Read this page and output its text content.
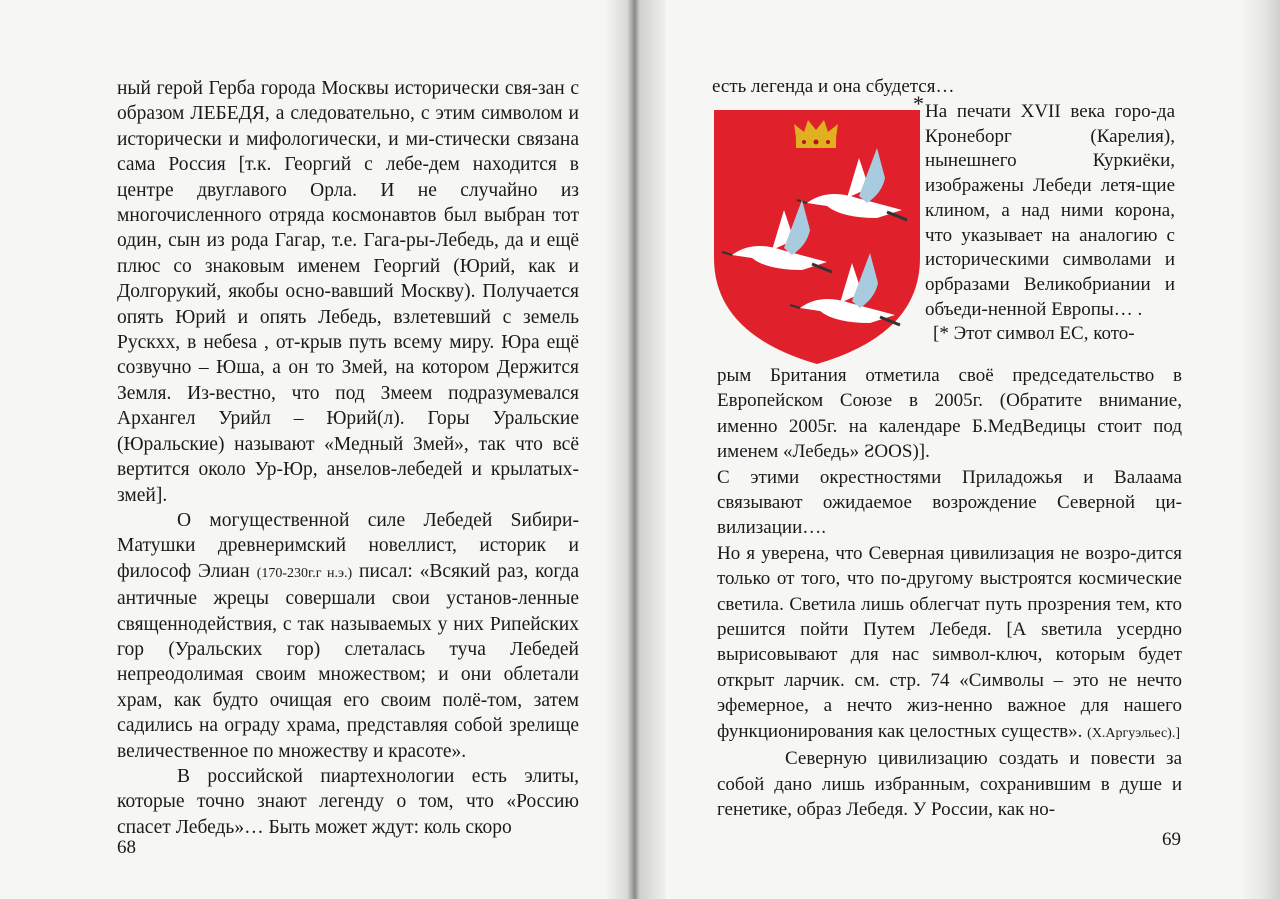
ный герой Герба города Москвы исторически свя-зан с образом ЛЕБЕДЯ, а следовательно, с этим символом и исторически и мифологически, и ми-стически связана сама Россия [т.к. Георгий с лебе-дем находится в центре двуглавого Орла. И не случайно из многочисленного отряда космонавтов был выбран тот один, сын из рода Гагар, т.е. Гага-ры-Лебедь, да и ещё плюс со знаковым именем Георгий (Юрий, как и Долгорукий, якобы осно-вавший Москву). Получается опять Юрий и опять Лебедь, взлетевший с земель Рускхх, в небеsа , от-крыв путь всему миру. Юра ещё созвучно – Юша, а он то Змей, на котором Держится Земля. Из-вестно, что под Змеем подразумевался Архангел Урийл – Юрий(л). Горы Уральские (Юральские) называют «Медный Змей», так что всё вертится около Ур-Юр, анѕелов-лебедей и крылатых-змей].

О могущественной силе Лебедей Ѕибири-Матушки древнеримский новеллист, историк и философ Элиан (170-230г.г н.э.) писал: «Всякий раз, когда античные жрецы совершали свои установ-ленные священнодействия, с так называемых у них Рипейских гор (Уральских гор) слеталась туча Лебедей непреодолимая своим множеством; и они облетали храм, как будто очищая его своим полё-том, затем садились на ограду храма, представляя собой зрелище величественное по множеству и красоте».

В российской пиартехнологии есть элиты, которые точно знают легенду о том, что «Россию спасет Лебедь»… Быть может ждут: коль скоро

68
есть легенда и она сбудется…
* На печати XVII века горо-да Кронеборг (Карелия), нынешнего Куркиёки, изображены Лебеди летя-щие клином, а над ними корона, что указывает на аналогию с историческими символами и орбразами Великобриании и объеди-ненной Европы… .

[* Этот символ ЕС, кото-

рым Британия отметила своё председательство в Европейском Союзе в 2005г. (Обратите внимание, именно 2005г. на календаре Б.МедВедицы стоит под именем «Лебедь» ƧOOS)].

С этими окрестностями Приладожья и Валаама связывают ожидаемое возрождение Северной ци-вилизации….

Но я уверена, что Северная цивилизация не возро-дится только от того, что по-другому выстроятся космические светила. Светила лишь облегчат путь прозрения тем, кто решится пойти Путем Лебедя. [А ѕветила усердно вырисовывают для нас ѕимвол-ключ, которым будет открыт ларчик. см. стр. 74 «Символы – это не нечто эфемерное, а нечто жиз-ненно важное для нашего функционирования как целостных существ». (Х.Аргуэльес).]

Северную цивилизацию создать и повести за собой дано лишь избранным, сохранившим в душе и генетике, образ Лебедя. У России, как но-

69
